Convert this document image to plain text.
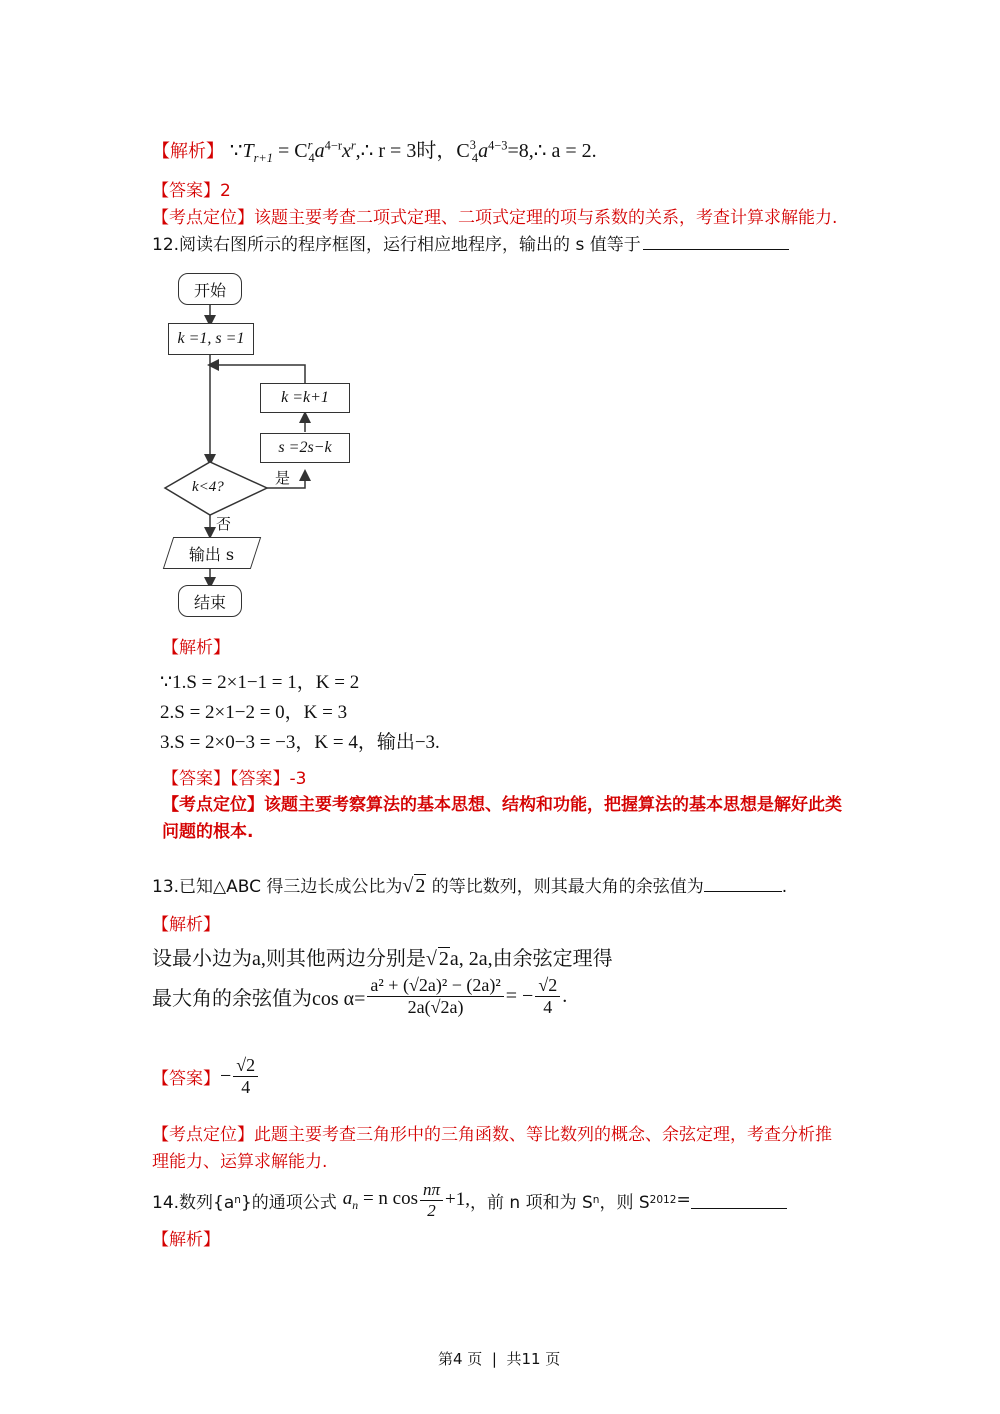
【解析】 $\because T_{r+1}$ = $C^r_4a^{4-r}x^r,\therefore$ r = 3时，$C^3_4a^{4-3}=8,\therefore$ a = 2.
【答案】2
【考点定位】该题主要考查二项式定理、二项式定理的项与系数的关系，考查计算求解能力.
12.阅读右图所示的程序框图，运行相应地程序，输出的 s 值等于
开始
k =1, s =1
k =k+1
s =2s−k
k<4?	是
否
输出 s
结束
【解析】
∵1.S = 2×1−1 = 1，K = 2
2.S = 2×1−2 = 0，K = 3
3.S = 2×0−3 = −3，K = 4，输出−3.
【答案】【答案】-3
【考点定位】该题主要考察算法的基本思想、结构和功能，把握算法的基本思想是解好此类
问题的根本.
13.已知△ABC 得三边长成公比为√ 2 的等比数列，则其最大角的余弦值为	.
【解析】
设最小边为a,则其他两边分别是√ 2a, 2a,由余弦定理得
最大角的余弦值为$\cos \alpha= \frac{\text{a² + (√2a)² − (2a)²}}{2a(√2a)}$ = − $\frac{√2}{4}$ .
【答案】 − $\frac{√2}{4}$
【考点定位】此题主要考查三角形中的三角函数、等比数列的概念、余弦定理，考查分析推
理能力、运算求解能力.
14.数列{a n }的通项公式 $a_n = n$ $\cos \frac{n\pi}{2} +1$, ，前 n 项和为 S n ，则 S 2012 =
【解析】
第4 页  |  共11 页
